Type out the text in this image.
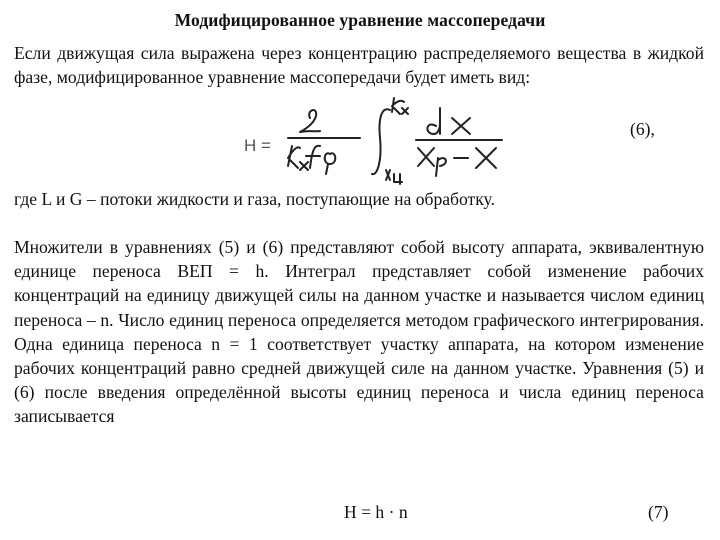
Модифицированное уравнение массопередачи
Если движущая сила выражена через концентрацию распределяемого вещества в жидкой фазе, модифицированное уравнение массопередачи будет иметь вид:
H =
(6),
где L и G – потоки жидкости и газа, поступающие на обработку.
Множители в уравнениях (5) и (6) представляют собой высоту аппарата, эквивалентную единице переноса ВЕП = h. Интеграл представляет собой изменение рабочих концентраций на единицу движущей силы на данном участке и называется числом единиц переноса – n. Число единиц переноса определяется методом графического интегрирования. Одна единица переноса n = 1 соответствует участку аппарата, на котором изменение рабочих концентраций равно средней движущей силе на данном участке. Уравнения (5) и (6) после введения определённой высоты единиц переноса и числа единиц переноса записывается
H = h · n	(7)
